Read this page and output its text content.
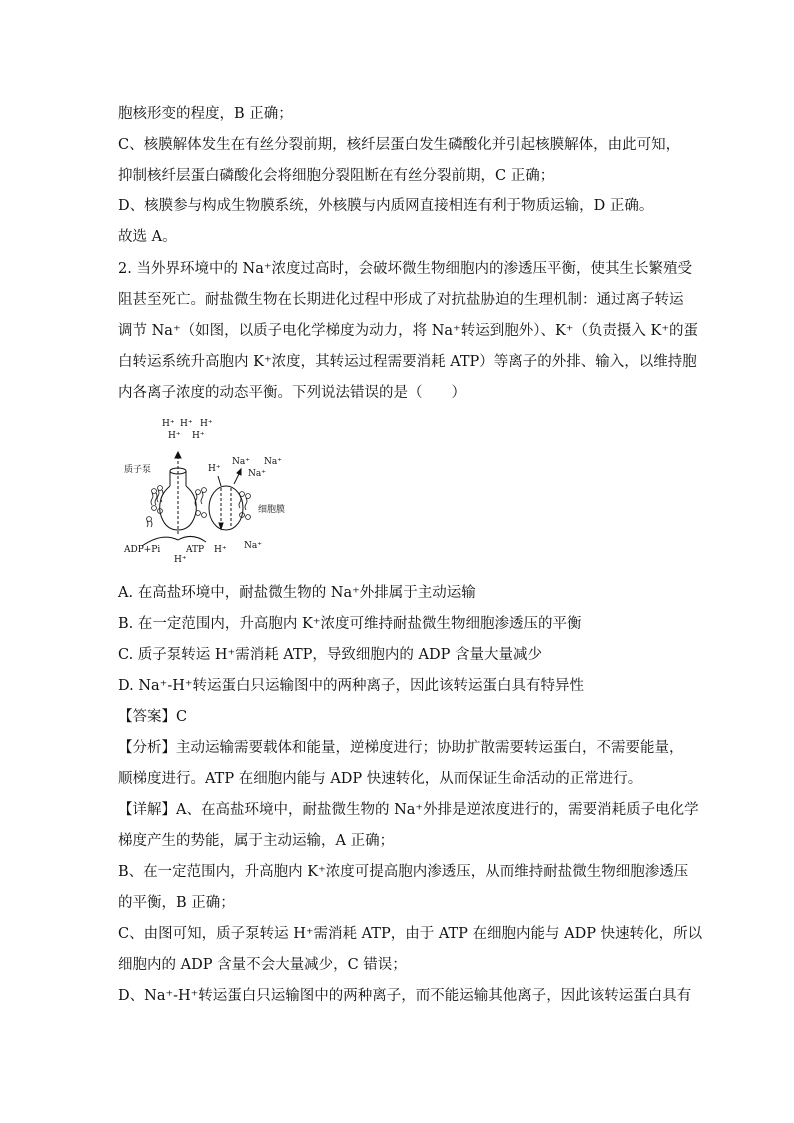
胞核形变的程度，B 正确；
C、核膜解体发生在有丝分裂前期，核纤层蛋白发生磷酸化并引起核膜解体，由此可知，
抑制核纤层蛋白磷酸化会将细胞分裂阻断在有丝分裂前期，C 正确；
D、核膜参与构成生物膜系统，外核膜与内质网直接相连有利于物质运输，D 正确。
故选 A。
2. 当外界环境中的 Na⁺浓度过高时，会破坏微生物细胞内的渗透压平衡，使其生长繁殖受
阻甚至死亡。耐盐微生物在长期进化过程中形成了对抗盐胁迫的生理机制：通过离子转运
调节 Na⁺（如图，以质子电化学梯度为动力，将 Na⁺转运到胞外）、K⁺（负责摄入 K⁺的蛋
白转运系统升高胞内 K⁺浓度，其转运过程需要消耗 ATP）等离子的外排、输入，以维持胞
内各离子浓度的动态平衡。下列说法错误的是（　　）
H⁺ H⁺ H⁺
H⁺ H⁺
质子泵	H⁺
Na⁺ Na⁺
Na⁺
细胞膜
ADP+Pi	ATP
H⁺
H⁺ Na⁺
A. 在高盐环境中，耐盐微生物的 Na⁺外排属于主动运输
B. 在一定范围内，升高胞内 K⁺浓度可维持耐盐微生物细胞渗透压的平衡
C. 质子泵转运 H⁺需消耗 ATP，导致细胞内的 ADP 含量大量减少
D. Na⁺-H⁺转运蛋白只运输图中的两种离子，因此该转运蛋白具有特异性
【答案】C
【分析】主动运输需要载体和能量，逆梯度进行；协助扩散需要转运蛋白，不需要能量，
顺梯度进行。ATP 在细胞内能与 ADP 快速转化，从而保证生命活动的正常进行。
【详解】A、在高盐环境中，耐盐微生物的 Na⁺外排是逆浓度进行的，需要消耗质子电化学
梯度产生的势能，属于主动运输，A 正确；
B、在一定范围内，升高胞内 K⁺浓度可提高胞内渗透压，从而维持耐盐微生物细胞渗透压
的平衡，B 正确；
C、由图可知，质子泵转运 H⁺需消耗 ATP，由于 ATP 在细胞内能与 ADP 快速转化，所以
细胞内的 ADP 含量不会大量减少，C 错误；
D、Na⁺-H⁺转运蛋白只运输图中的两种离子，而不能运输其他离子，因此该转运蛋白具有
